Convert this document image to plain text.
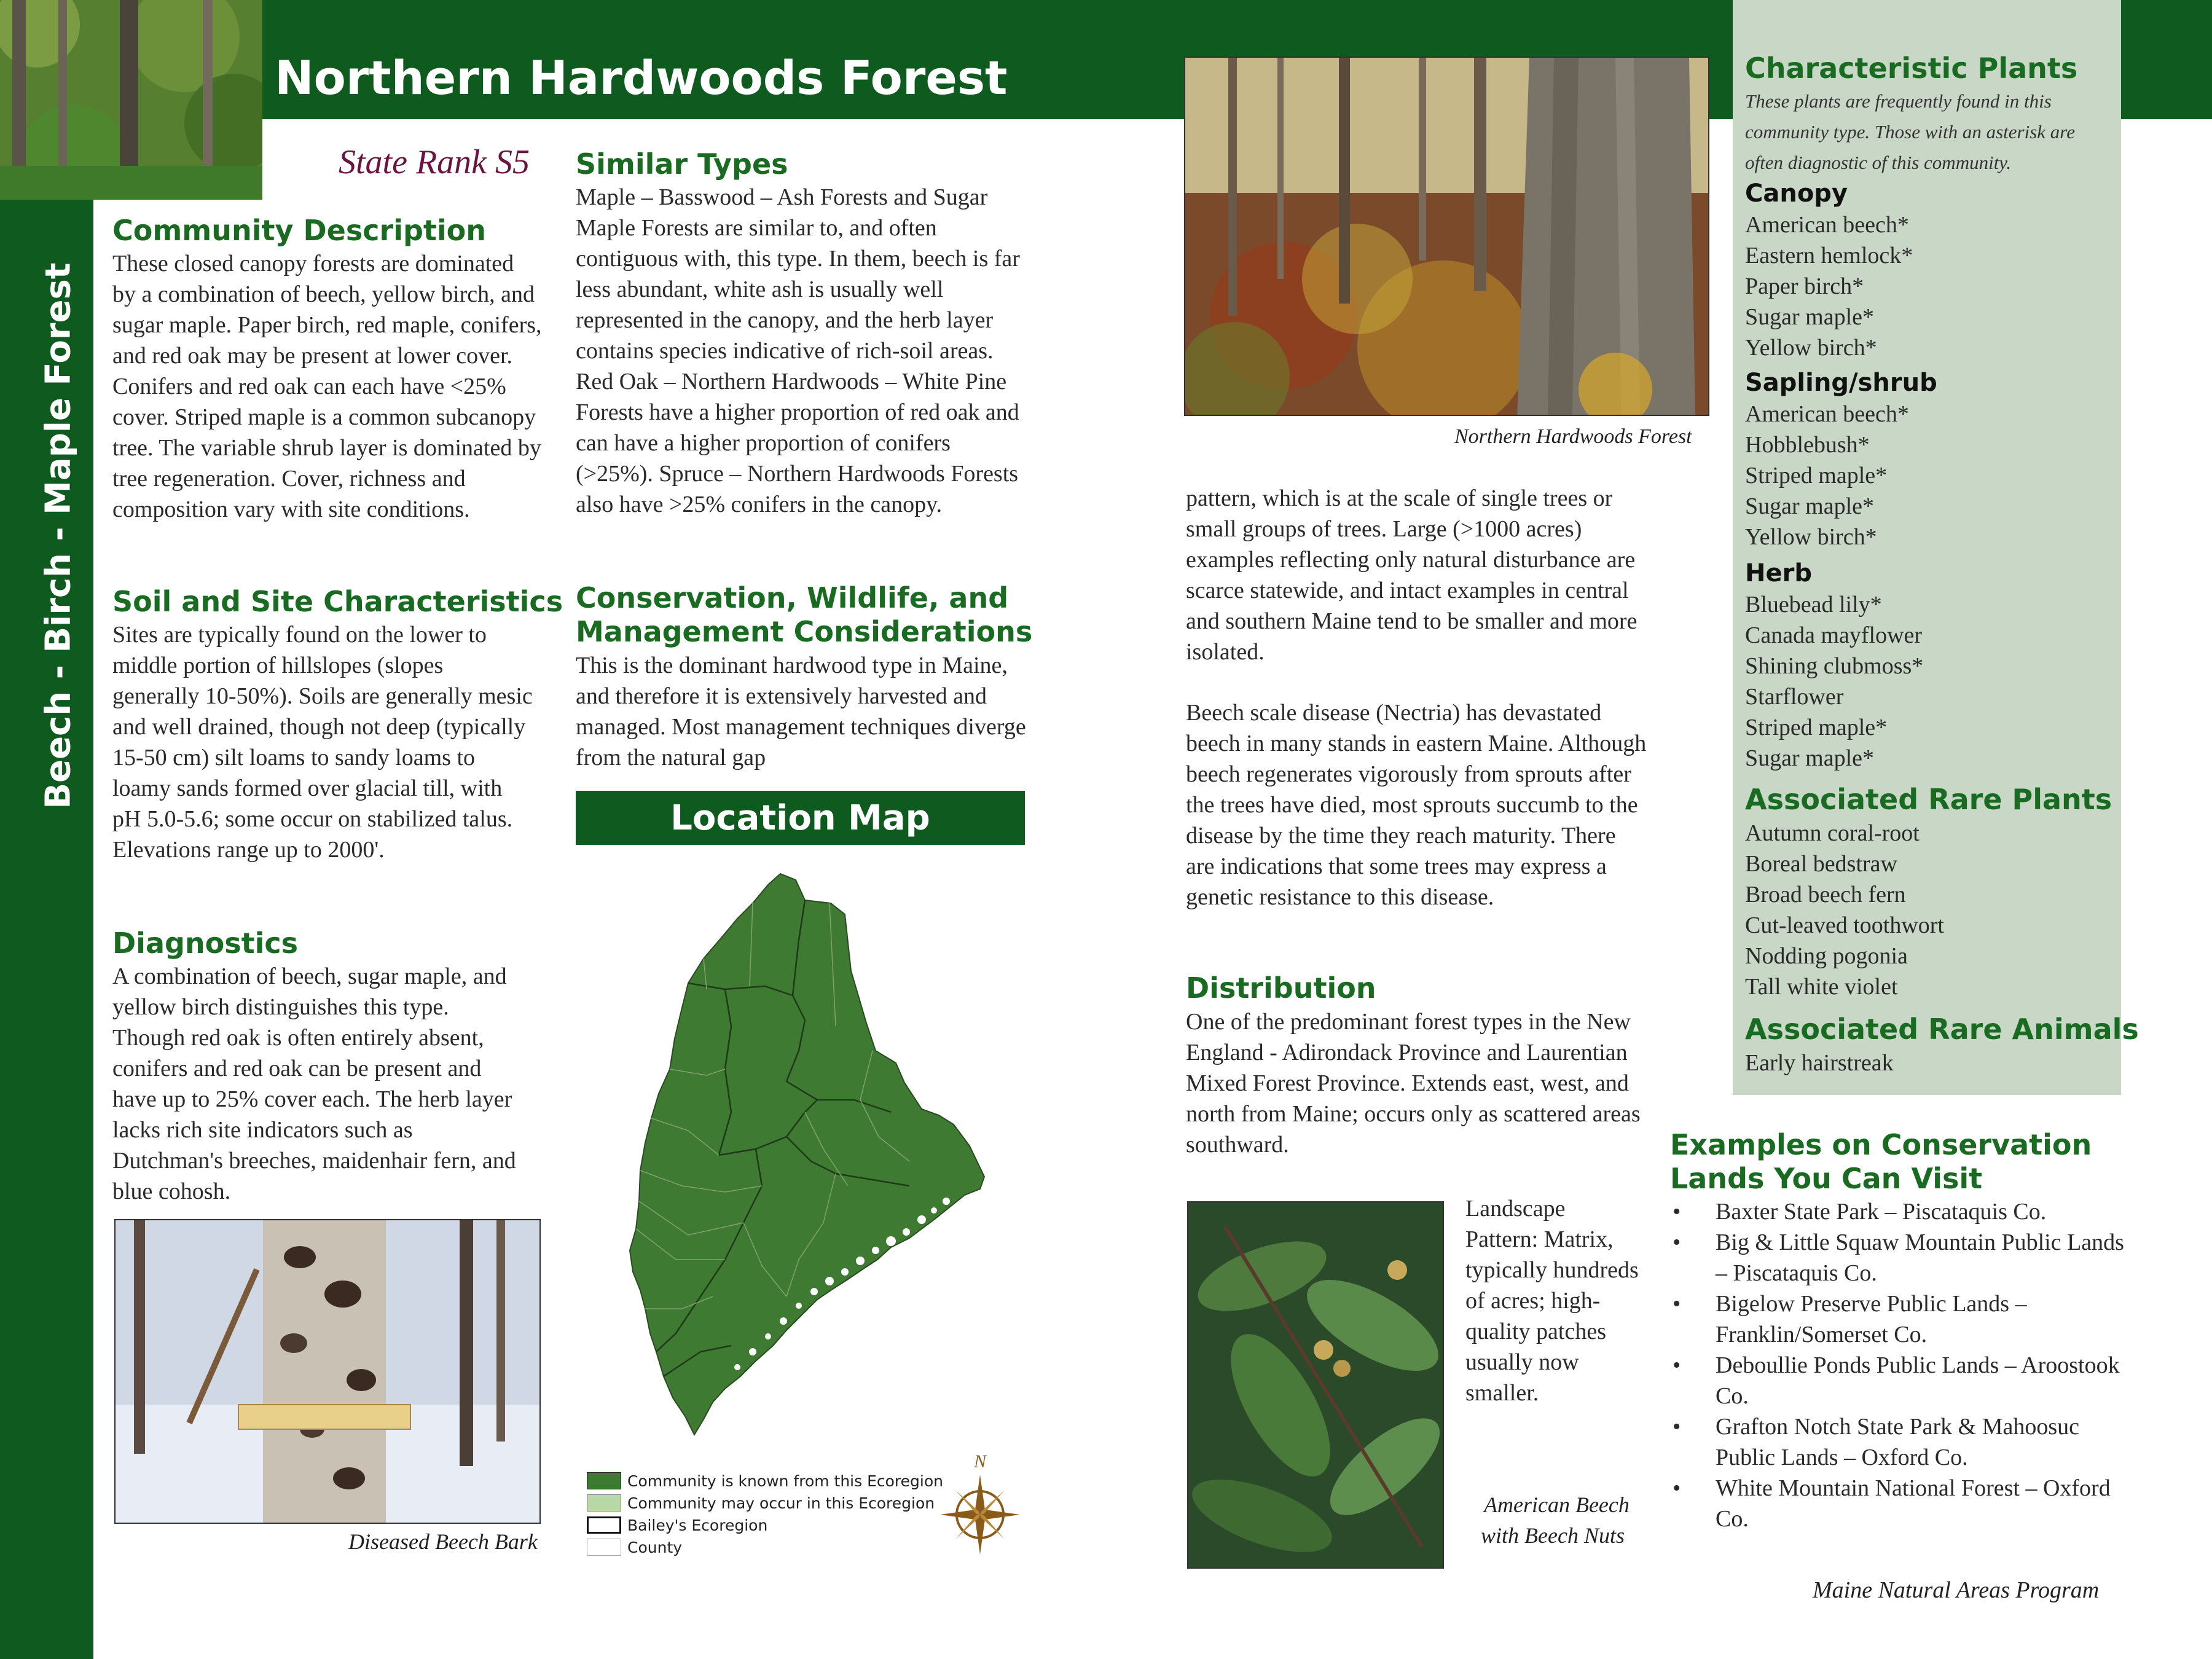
Northern Hardwoods Forest
Beech - Birch - Maple Forest
State Rank S5
Community Description
These closed canopy forests are dominated by a combination of beech, yellow birch, and sugar maple. Paper birch, red maple, conifers, and red oak may be present at lower cover. Conifers and red oak can each have <25% cover. Striped maple is a common subcanopy tree. The variable shrub layer is dominated by tree regeneration. Cover, richness and composition vary with site conditions.
Soil and Site Characteristics
Sites are typically found on the lower to middle portion of hillslopes (slopes generally 10-50%). Soils are generally mesic and well drained, though not deep (typically 15-50 cm) silt loams to sandy loams to loamy sands formed over glacial till, with pH 5.0-5.6; some occur on stabilized talus. Elevations range up to 2000'.
Diagnostics
A combination of beech, sugar maple, and yellow birch distinguishes this type. Though red oak is often entirely absent, conifers and red oak can be present and have up to 25% cover each. The herb layer lacks rich site indicators such as Dutchman's breeches, maidenhair fern, and blue cohosh.
Diseased Beech Bark
Similar Types
Maple – Basswood – Ash Forests and Sugar Maple Forests are similar to, and often contiguous with, this type. In them, beech is far less abundant, white ash is usually well represented in the canopy, and the herb layer contains species indicative of rich-soil areas. Red Oak – Northern Hardwoods – White Pine Forests have a higher proportion of red oak and can have a higher proportion of conifers (>25%). Spruce – Northern Hardwoods Forests also have >25% conifers in the canopy.
Conservation, Wildlife, and
Management Considerations
This is the dominant hardwood type in Maine, and therefore it is extensively harvested and managed. Most management techniques diverge from the natural gap
Location Map
Community is known from this Ecoregion
Community may occur in this Ecoregion
Bailey's Ecoregion
County
N
Northern Hardwoods Forest
pattern, which is at the scale of single trees or small groups of trees. Large (>1000 acres) examples reflecting only natural disturbance are scarce statewide, and intact examples in central and southern Maine tend to be smaller and more isolated.
Beech scale disease (Nectria) has devastated beech in many stands in eastern Maine. Although beech regenerates vigorously from sprouts after the trees have died, most sprouts succumb to the disease by the time they reach maturity. There are indications that some trees may express a genetic resistance to this disease.
Distribution
One of the predominant forest types in the New England - Adirondack Province and Laurentian Mixed Forest Province. Extends east, west, and north from Maine; occurs only as scattered areas southward.
Landscape Pattern: Matrix, typically hundreds of acres; high-quality patches usually now smaller.
American Beech
with Beech Nuts
Characteristic Plants
These plants are frequently found in this community type. Those with an asterisk are often diagnostic of this community.
Canopy
American beech*
Eastern hemlock*
Paper birch*
Sugar maple*
Yellow birch*
Sapling/shrub
American beech*
Hobblebush*
Striped maple*
Sugar maple*
Yellow birch*
Herb
Bluebead lily*
Canada mayflower
Shining clubmoss*
Starflower
Striped maple*
Sugar maple*
Associated Rare Plants
Autumn coral-root
Boreal bedstraw
Broad beech fern
Cut-leaved toothwort
Nodding pogonia
Tall white violet
Associated Rare Animals
Early hairstreak
Examples on Conservation
Lands You Can Visit
• Baxter State Park – Piscataquis Co.
• Big & Little Squaw Mountain Public Lands – Piscataquis Co.
• Bigelow Preserve Public Lands – Franklin/Somerset Co.
• Deboullie Ponds Public Lands – Aroostook Co.
• Grafton Notch State Park & Mahoosuc Public Lands – Oxford Co.
• White Mountain National Forest – Oxford Co.
Maine Natural Areas Program
